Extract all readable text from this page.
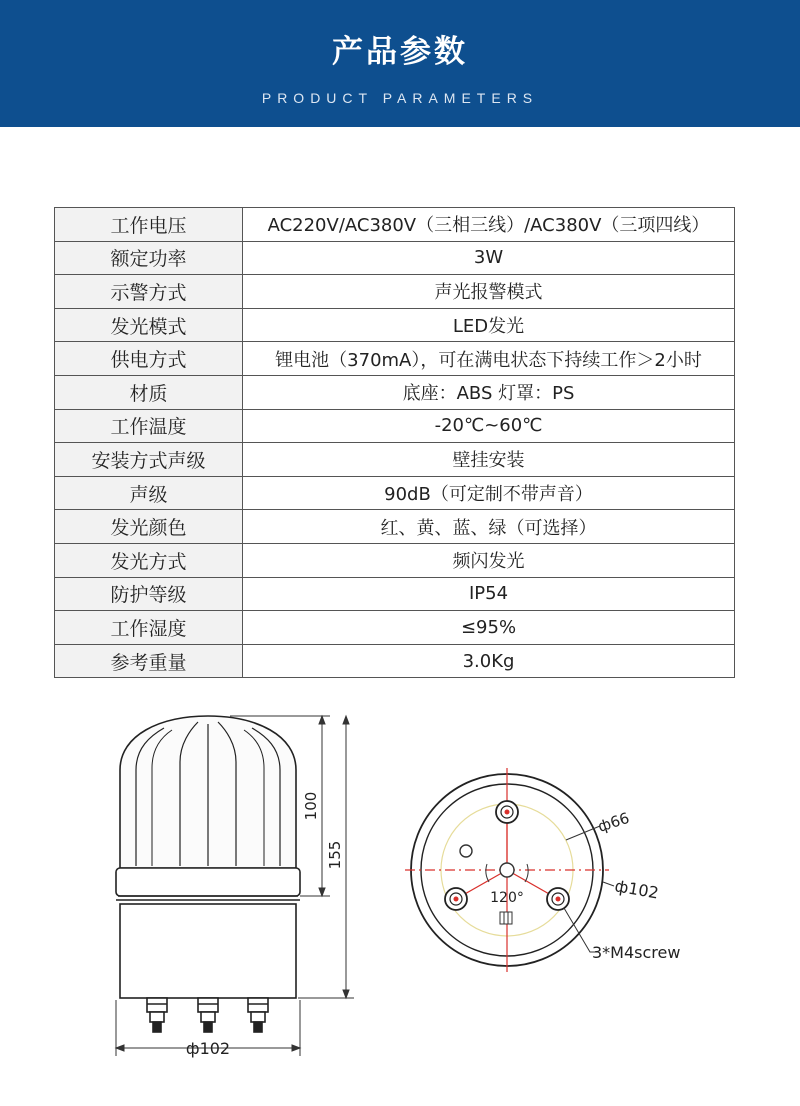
产品参数
PRODUCT PARAMETERS
工作电压	AC220V/AC380V（三相三线）/AC380V（三项四线）
额定功率	3W
示警方式	声光报警模式
发光模式	LED发光
供电方式	锂电池（370mA），可在满电状态下持续工作＞2小时
材质	底座：ABS 灯罩：PS
工作温度	-20℃~60℃
安装方式声级	壁挂安装
声级	90dB（可定制不带声音）
发光颜色	红、黄、蓝、绿（可选择）
发光方式	频闪发光
防护等级	IP54
工作湿度	≤95%
参考重量	3.0Kg
100
155
ф102
ф66
ф102
120°
3*M4screw
